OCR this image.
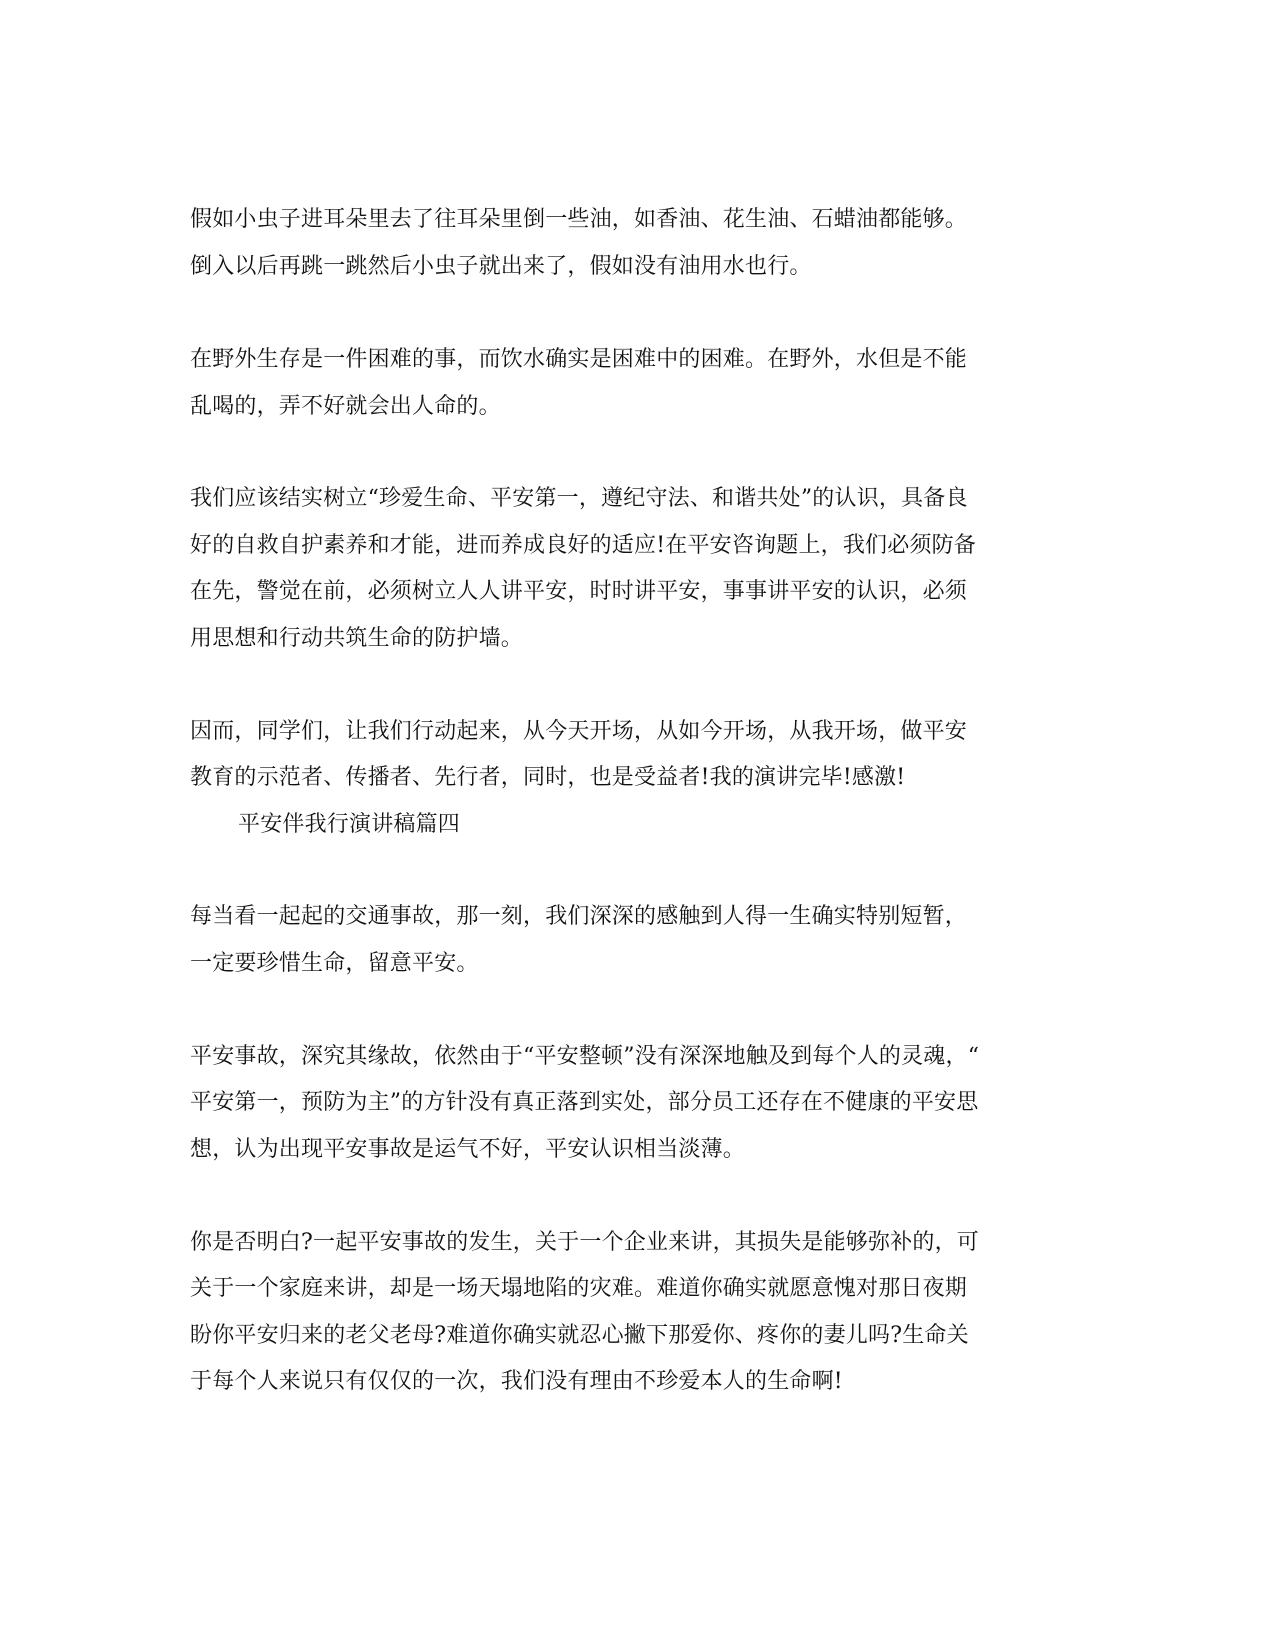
假如小虫子进耳朵里去了往耳朵里倒一些油，如香油、花生油、石蜡油都能够。
倒入以后再跳一跳然后小虫子就出来了，假如没有油用水也行。
在野外生存是一件困难的事，而饮水确实是困难中的困难。在野外，水但是不能
乱喝的，弄不好就会出人命的。
我们应该结实树立“珍爱生命、平安第一，遵纪守法、和谐共处”的认识，具备良
好的自救自护素养和才能，进而养成良好的适应!在平安咨询题上，我们必须防备
在先，警觉在前，必须树立人人讲平安，时时讲平安，事事讲平安的认识，必须
用思想和行动共筑生命的防护墙。
因而，同学们，让我们行动起来，从今天开场，从如今开场，从我开场，做平安
教育的示范者、传播者、先行者，同时，也是受益者!我的演讲完毕!感激!
平安伴我行演讲稿篇四
每当看一起起的交通事故，那一刻，我们深深的感触到人得一生确实特别短暂，
一定要珍惜生命，留意平安。
平安事故，深究其缘故，依然由于“平安整顿”没有深深地触及到每个人的灵魂，“
平安第一，预防为主”的方针没有真正落到实处，部分员工还存在不健康的平安思
想，认为出现平安事故是运气不好，平安认识相当淡薄。
你是否明白?一起平安事故的发生，关于一个企业来讲，其损失是能够弥补的，可
关于一个家庭来讲，却是一场天塌地陷的灾难。难道你确实就愿意愧对那日夜期
盼你平安归来的老父老母?难道你确实就忍心撇下那爱你、疼你的妻儿吗?生命关
于每个人来说只有仅仅的一次，我们没有理由不珍爱本人的生命啊!
